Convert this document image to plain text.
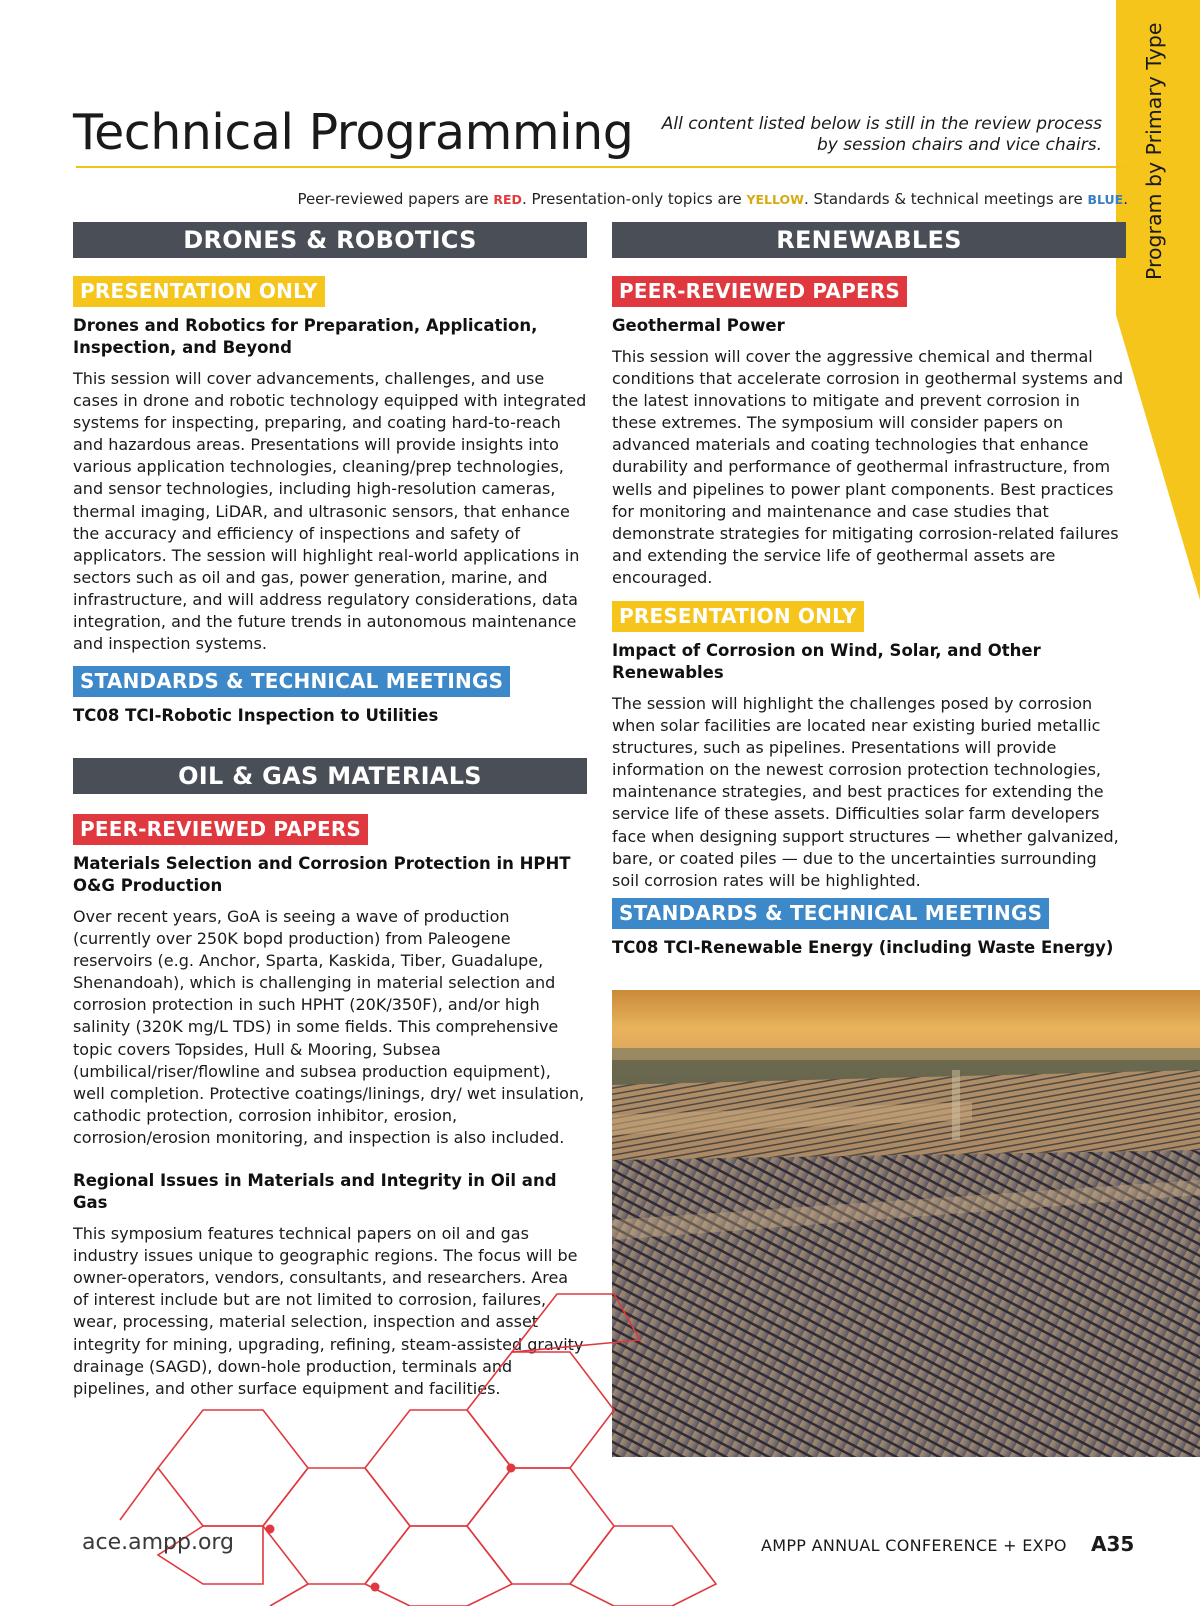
Program by Primary Type
Technical Programming	All content listed below is still in the review process
by session chairs and vice chairs.
Peer-reviewed papers are RED. Presentation-only topics are YELLOW. Standards & technical meetings are BLUE.
DRONES & ROBOTICS
PRESENTATION ONLY
Drones and Robotics for Preparation, Application, Inspection, and Beyond
This session will cover advancements, challenges, and use cases in drone and robotic technology equipped with integrated systems for inspecting, preparing, and coating hard-to-reach and hazardous areas. Presentations will provide insights into various application technologies, cleaning/prep technologies, and sensor technologies, including high-resolution cameras, thermal imaging, LiDAR, and ultrasonic sensors, that enhance the accuracy and efficiency of inspections and safety of applicators. The session will highlight real-world applications in sectors such as oil and gas, power generation, marine, and infrastructure, and will address regulatory considerations, data integration, and the future trends in autonomous maintenance and inspection systems.
STANDARDS & TECHNICAL MEETINGS
TC08 TCI-Robotic Inspection to Utilities
OIL & GAS MATERIALS
PEER-REVIEWED PAPERS
Materials Selection and Corrosion Protection in HPHT O&G Production
Over recent years, GoA is seeing a wave of production (currently over 250K bopd production) from Paleogene reservoirs (e.g. Anchor, Sparta, Kaskida, Tiber, Guadalupe, Shenandoah), which is challenging in material selection and corrosion protection in such HPHT (20K/350F), and/or high salinity (320K mg/L TDS) in some fields. This comprehensive topic covers Topsides, Hull & Mooring, Subsea (umbilical/riser/flowline and subsea production equipment), well completion. Protective coatings/linings, dry/ wet insulation, cathodic protection, corrosion inhibitor, erosion, corrosion/erosion monitoring, and inspection is also included.
Regional Issues in Materials and Integrity in Oil and Gas
This symposium features technical papers on oil and gas industry issues unique to geographic regions. The focus will be owner-operators, vendors, consultants, and researchers. Area of interest include but are not limited to corrosion, failures, wear, processing, material selection, inspection and asset integrity for mining, upgrading, refining, steam-assisted gravity drainage (SAGD), down-hole production, terminals and pipelines, and other surface equipment and facilities.
RENEWABLES
PEER-REVIEWED PAPERS
Geothermal Power
This session will cover the aggressive chemical and thermal conditions that accelerate corrosion in geothermal systems and the latest innovations to mitigate and prevent corrosion in these extremes. The symposium will consider papers on advanced materials and coating technologies that enhance durability and performance of geothermal infrastructure, from wells and pipelines to power plant components. Best practices for monitoring and maintenance and case studies that demonstrate strategies for mitigating corrosion-related failures and extending the service life of geothermal assets are encouraged.
PRESENTATION ONLY
Impact of Corrosion on Wind, Solar, and Other Renewables
The session will highlight the challenges posed by corrosion when solar facilities are located near existing buried metallic structures, such as pipelines. Presentations will provide information on the newest corrosion protection technologies, maintenance strategies, and best practices for extending the service life of these assets. Difficulties solar farm developers face when designing support structures — whether galvanized, bare, or coated piles — due to the uncertainties surrounding soil corrosion rates will be highlighted.
STANDARDS & TECHNICAL MEETINGS
TC08 TCI-Renewable Energy (including Waste Energy)
ace.ampp.org	AMPP ANNUAL CONFERENCE + EXPO A35
